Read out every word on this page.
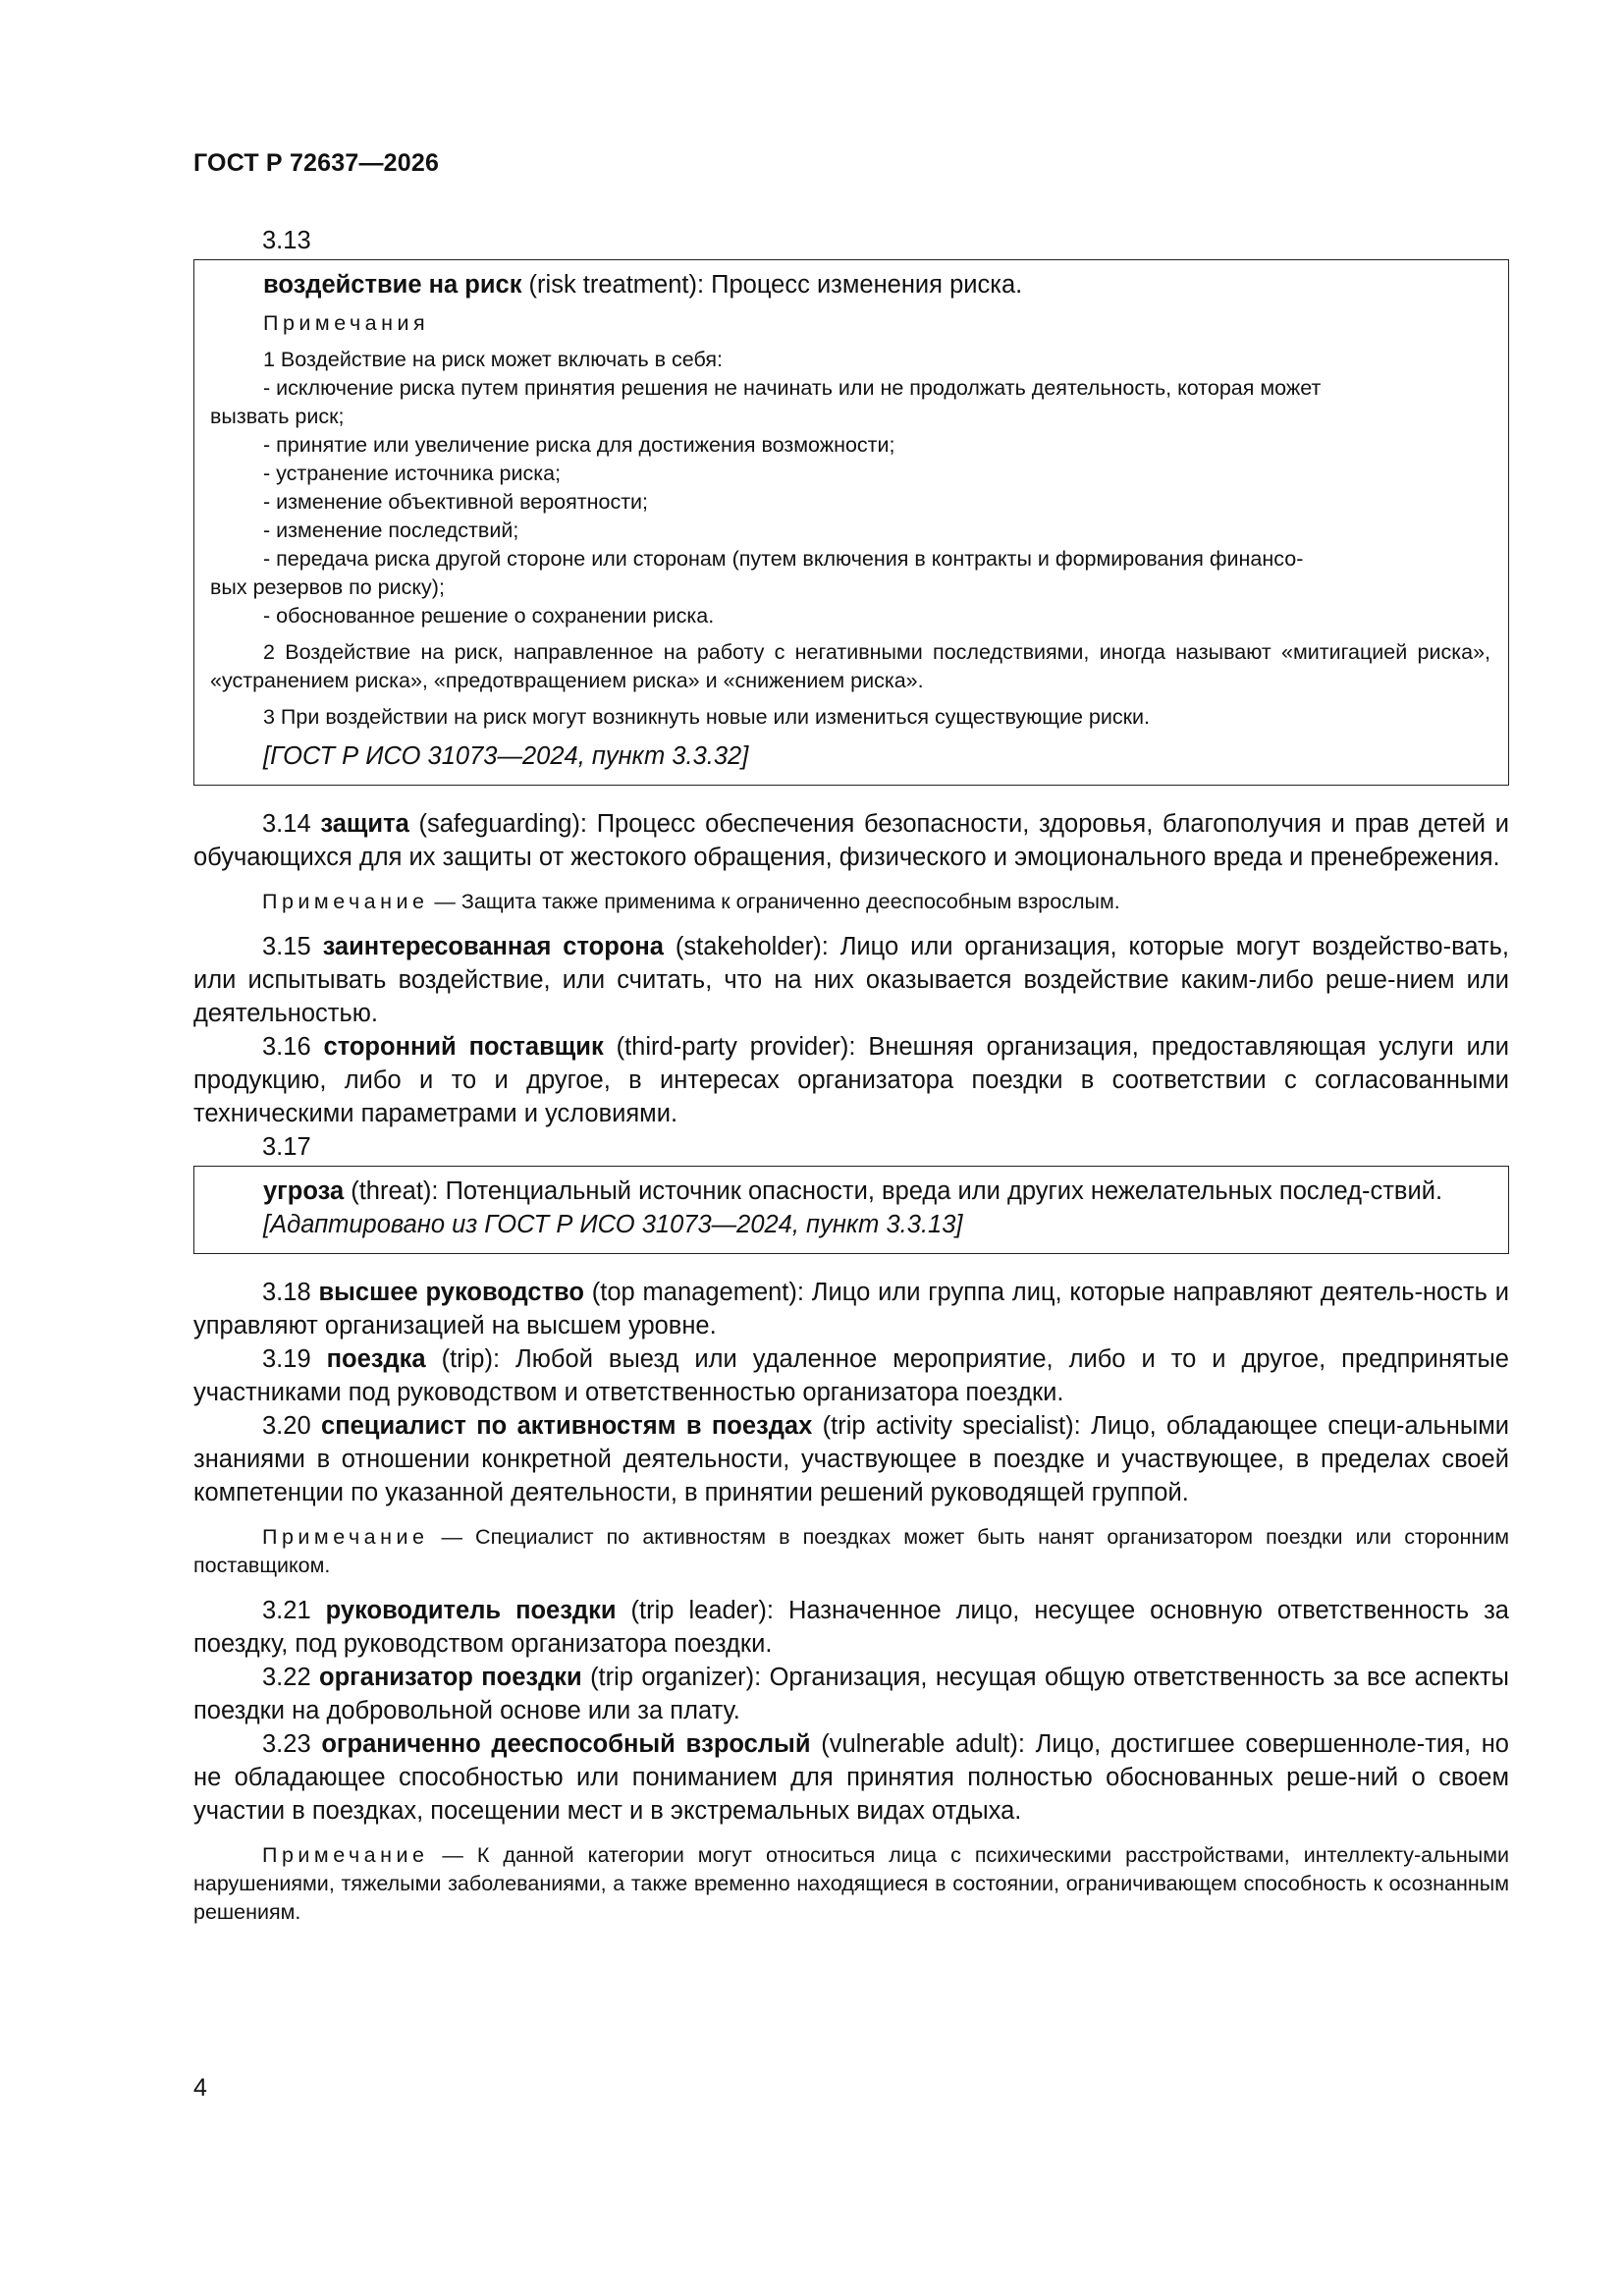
ГОСТ Р 72637—2026
3.13

воздействие на риск (risk treatment): Процесс изменения риска.

Примечания

1 Воздействие на риск может включать в себя:

- исключение риска путем принятия решения не начинать или не продолжать деятельность, которая может

вызвать риск;

- принятие или увеличение риска для достижения возможности;

- устранение источника риска;

- изменение объективной вероятности;

- изменение последствий;

- передача риска другой стороне или сторонам (путем включения в контракты и формирования финансо-

вых резервов по риску);

- обоснованное решение о сохранении риска.

2 Воздействие на риск, направленное на работу с негативными последствиями, иногда называют «митигацией риска», «устранением риска», «предотвращением риска» и «снижением риска».

3 При воздействии на риск могут возникнуть новые или измениться существующие риски.

[ГОСТ Р ИСО 31073—2024, пункт 3.3.32]

3.14 защита (safeguarding): Процесс обеспечения безопасности, здоровья, благополучия и прав детей и обучающихся для их защиты от жестокого обращения, физического и эмоционального вреда и пренебрежения.

Примечание — Защита также применима к ограниченно дееспособным взрослым.

3.15 заинтересованная сторона (stakeholder): Лицо или организация, которые могут воздейство-вать, или испытывать воздействие, или считать, что на них оказывается воздействие каким-либо реше-нием или деятельностью.

3.16 сторонний поставщик (third-party provider): Внешняя организация, предоставляющая услуги или продукцию, либо и то и другое, в интересах организатора поездки в соответствии с согласованными техническими параметрами и условиями.

3.17

угроза (threat): Потенциальный источник опасности, вреда или других нежелательных послед-ствий.

[Адаптировано из ГОСТ Р ИСО 31073—2024, пункт 3.3.13]

3.18 высшее руководство (top management): Лицо или группа лиц, которые направляют деятель-ность и управляют организацией на высшем уровне.

3.19 поездка (trip): Любой выезд или удаленное мероприятие, либо и то и другое, предпринятые участниками под руководством и ответственностью организатора поездки.

3.20 специалист по активностям в поездах (trip activity specialist): Лицо, обладающее специ-альными знаниями в отношении конкретной деятельности, участвующее в поездке и участвующее, в пределах своей компетенции по указанной деятельности, в принятии решений руководящей группой.

Примечание — Специалист по активностям в поездках может быть нанят организатором поездки или сторонним поставщиком.

3.21 руководитель поездки (trip leader): Назначенное лицо, несущее основную ответственность за поездку, под руководством организатора поездки.

3.22 организатор поездки (trip organizer): Организация, несущая общую ответственность за все аспекты поездки на добровольной основе или за плату.

3.23 ограниченно дееспособный взрослый (vulnerable adult): Лицо, достигшее совершенноле-тия, но не обладающее способностью или пониманием для принятия полностью обоснованных реше-ний о своем участии в поездках, посещении мест и в экстремальных видах отдыха.

Примечание — К данной категории могут относиться лица с психическими расстройствами, интеллекту-альными нарушениями, тяжелыми заболеваниями, а также временно находящиеся в состоянии, ограничивающем способность к осознанным решениям.

4
